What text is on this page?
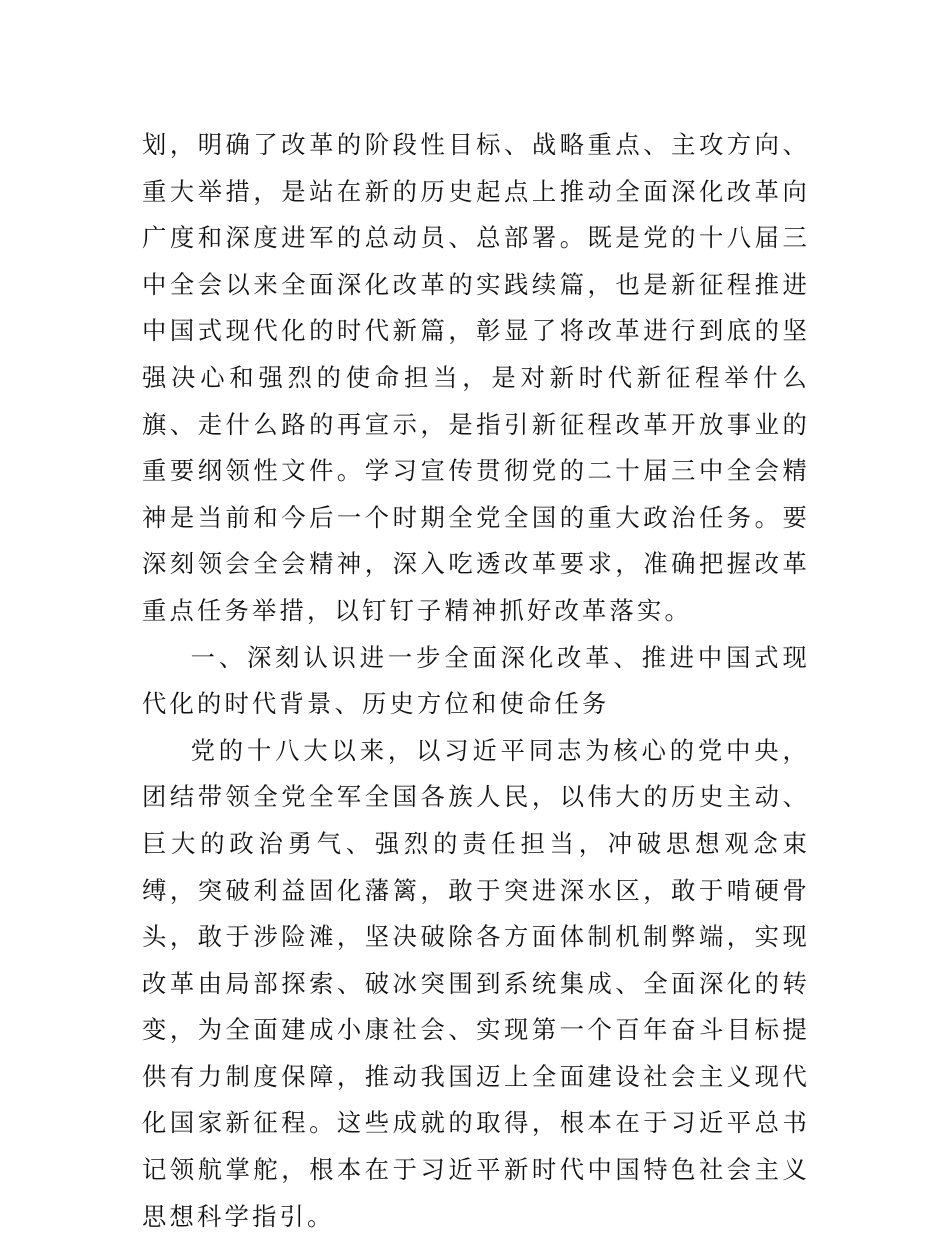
划，明确了改革的阶段性目标、战略重点、主攻方向、重大举措，是站在新的历史起点上推动全面深化改革向广度和深度进军的总动员、总部署。既是党的十八届三中全会以来全面深化改革的实践续篇，也是新征程推进中国式现代化的时代新篇，彰显了将改革进行到底的坚强决心和强烈的使命担当，是对新时代新征程举什么旗、走什么路的再宣示，是指引新征程改革开放事业的重要纲领性文件。学习宣传贯彻党的二十届三中全会精神是当前和今后一个时期全党全国的重大政治任务。要深刻领会全会精神，深入吃透改革要求，准确把握改革重点任务举措，以钉钉子精神抓好改革落实。

一、深刻认识进一步全面深化改革、推进中国式现代化的时代背景、历史方位和使命任务

党的十八大以来，以习近平同志为核心的党中央，团结带领全党全军全国各族人民，以伟大的历史主动、巨大的政治勇气、强烈的责任担当，冲破思想观念束缚，突破利益固化藩篱，敢于突进深水区，敢于啃硬骨头，敢于涉险滩，坚决破除各方面体制机制弊端，实现改革由局部探索、破冰突围到系统集成、全面深化的转变，为全面建成小康社会、实现第一个百年奋斗目标提供有力制度保障，推动我国迈上全面建设社会主义现代化国家新征程。这些成就的取得，根本在于习近平总书记领航掌舵，根本在于习近平新时代中国特色社会主义思想科学指引。
